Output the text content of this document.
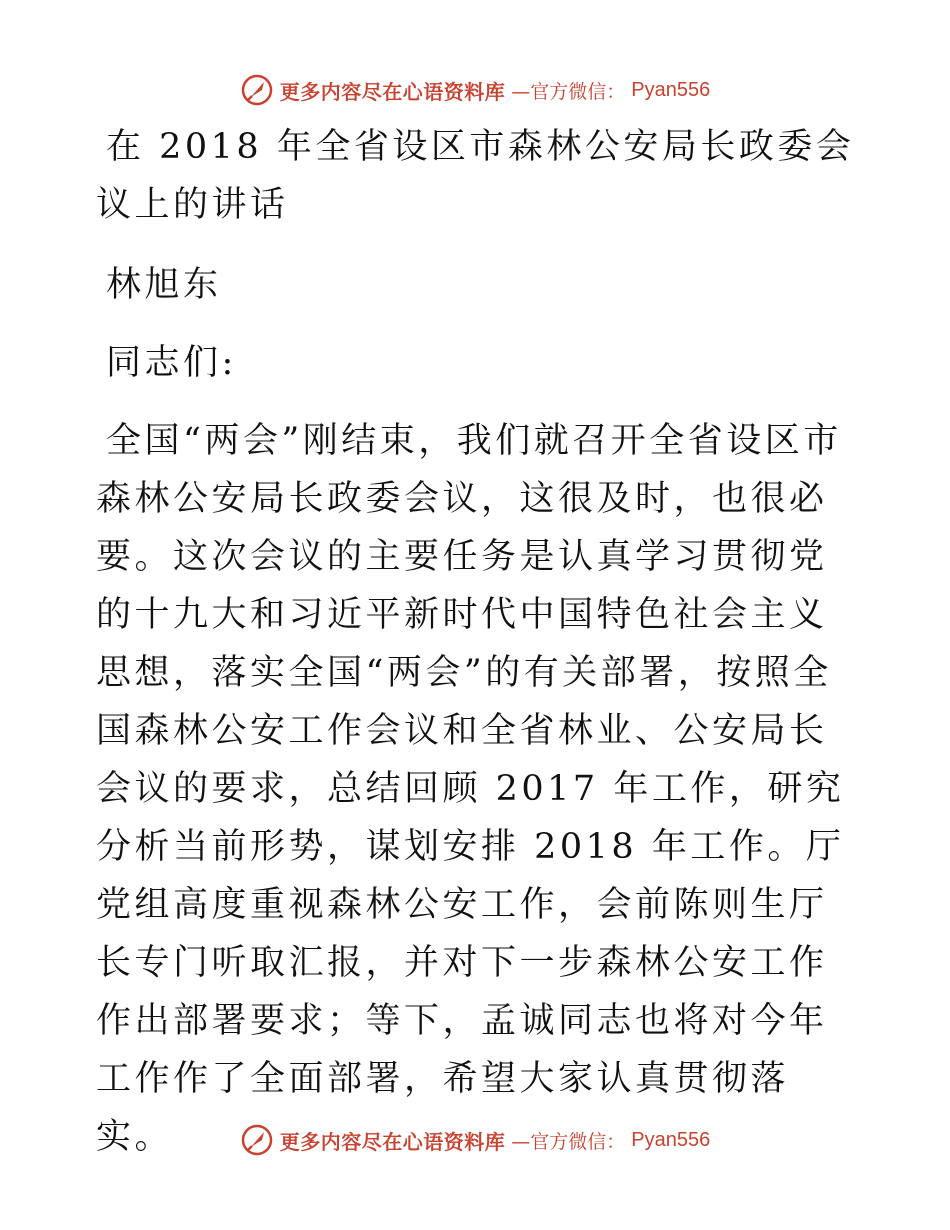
更多内容尽在心语资料库 —官方微信： Pyan556

在 2018 年全省设区市森林公安局长政委会议上的讲话

林旭东

同志们:

全国“两会”刚结束，我们就召开全省设区市森林公安局长政委会议，这很及时，也很必要。这次会议的主要任务是认真学习贯彻党的十九大和习近平新时代中国特色社会主义思想，落实全国“两会”的有关部署，按照全国森林公安工作会议和全省林业、公安局长会议的要求，总结回顾 2017 年工作，研究分析当前形势，谋划安排 2018 年工作。厅党组高度重视森林公安工作，会前陈则生厅长专门听取汇报，并对下一步森林公安工作作出部署要求；等下，孟诚同志也将对今年工作作了全面部署，希望大家认真贯彻落实。	更多内容尽在心语资料库 —官方微信： Pyan556
